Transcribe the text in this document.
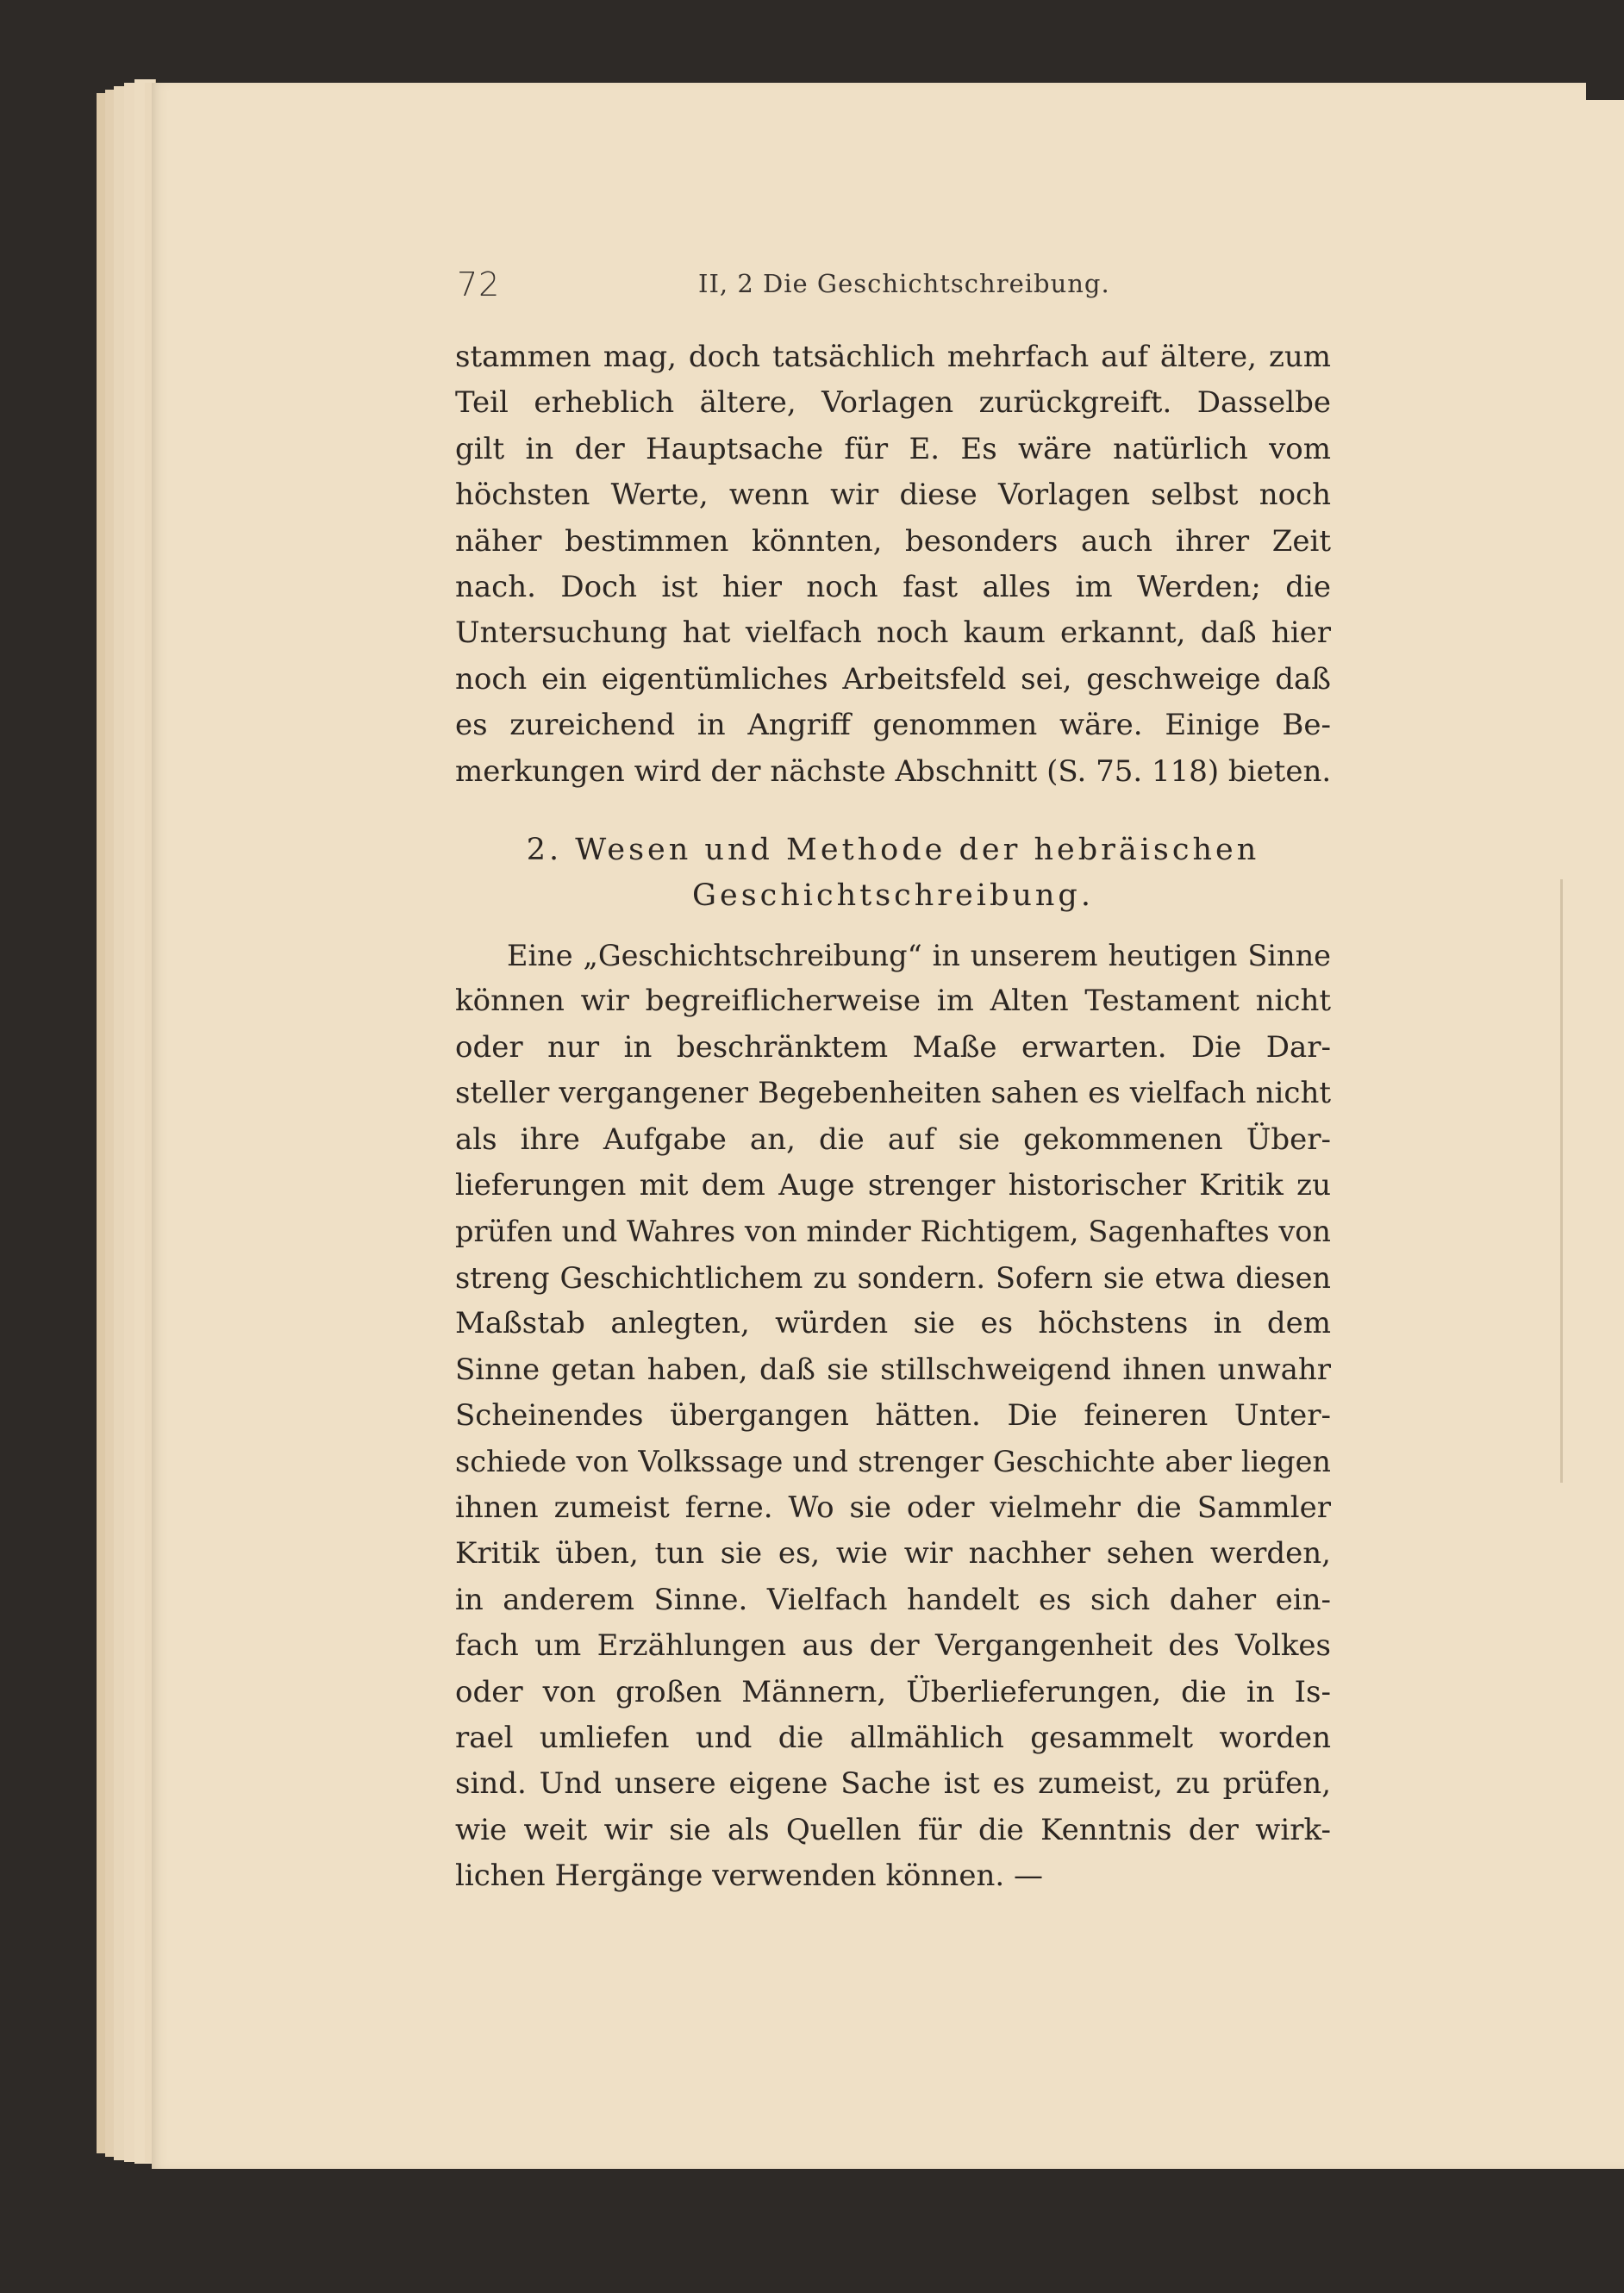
72	II, 2 Die Geschichtschreibung.
stammen mag, doch tatsächlich mehrfach auf ältere, zum
Teil erheblich ältere, Vorlagen zurückgreift. Dasselbe
gilt in der Hauptsache für E. Es wäre natürlich vom
höchsten Werte, wenn wir diese Vorlagen selbst noch
näher bestimmen könnten, besonders auch ihrer Zeit
nach. Doch ist hier noch fast alles im Werden; die
Untersuchung hat vielfach noch kaum erkannt, daß hier
noch ein eigentümliches Arbeitsfeld sei, geschweige daß
es zureichend in Angriff genommen wäre. Einige Be-
merkungen wird der nächste Abschnitt (S. 75. 118) bieten.
2. Wesen und Methode der hebräischen
Geschichtschreibung.
Eine „Geschichtschreibung“ in unserem heutigen Sinne
können wir begreiflicherweise im Alten Testament nicht
oder nur in beschränktem Maße erwarten. Die Dar-
steller vergangener Begebenheiten sahen es vielfach nicht
als ihre Aufgabe an, die auf sie gekommenen Über-
lieferungen mit dem Auge strenger historischer Kritik zu
prüfen und Wahres von minder Richtigem, Sagenhaftes von
streng Geschichtlichem zu sondern. Sofern sie etwa diesen
Maßstab anlegten, würden sie es höchstens in dem
Sinne getan haben, daß sie stillschweigend ihnen unwahr
Scheinendes übergangen hätten. Die feineren Unter-
schiede von Volkssage und strenger Geschichte aber liegen
ihnen zumeist ferne. Wo sie oder vielmehr die Sammler
Kritik üben, tun sie es, wie wir nachher sehen werden,
in anderem Sinne. Vielfach handelt es sich daher ein-
fach um Erzählungen aus der Vergangenheit des Volkes
oder von großen Männern, Überlieferungen, die in Is-
rael umliefen und die allmählich gesammelt worden
sind. Und unsere eigene Sache ist es zumeist, zu prüfen,
wie weit wir sie als Quellen für die Kenntnis der wirk-
lichen Hergänge verwenden können. —
